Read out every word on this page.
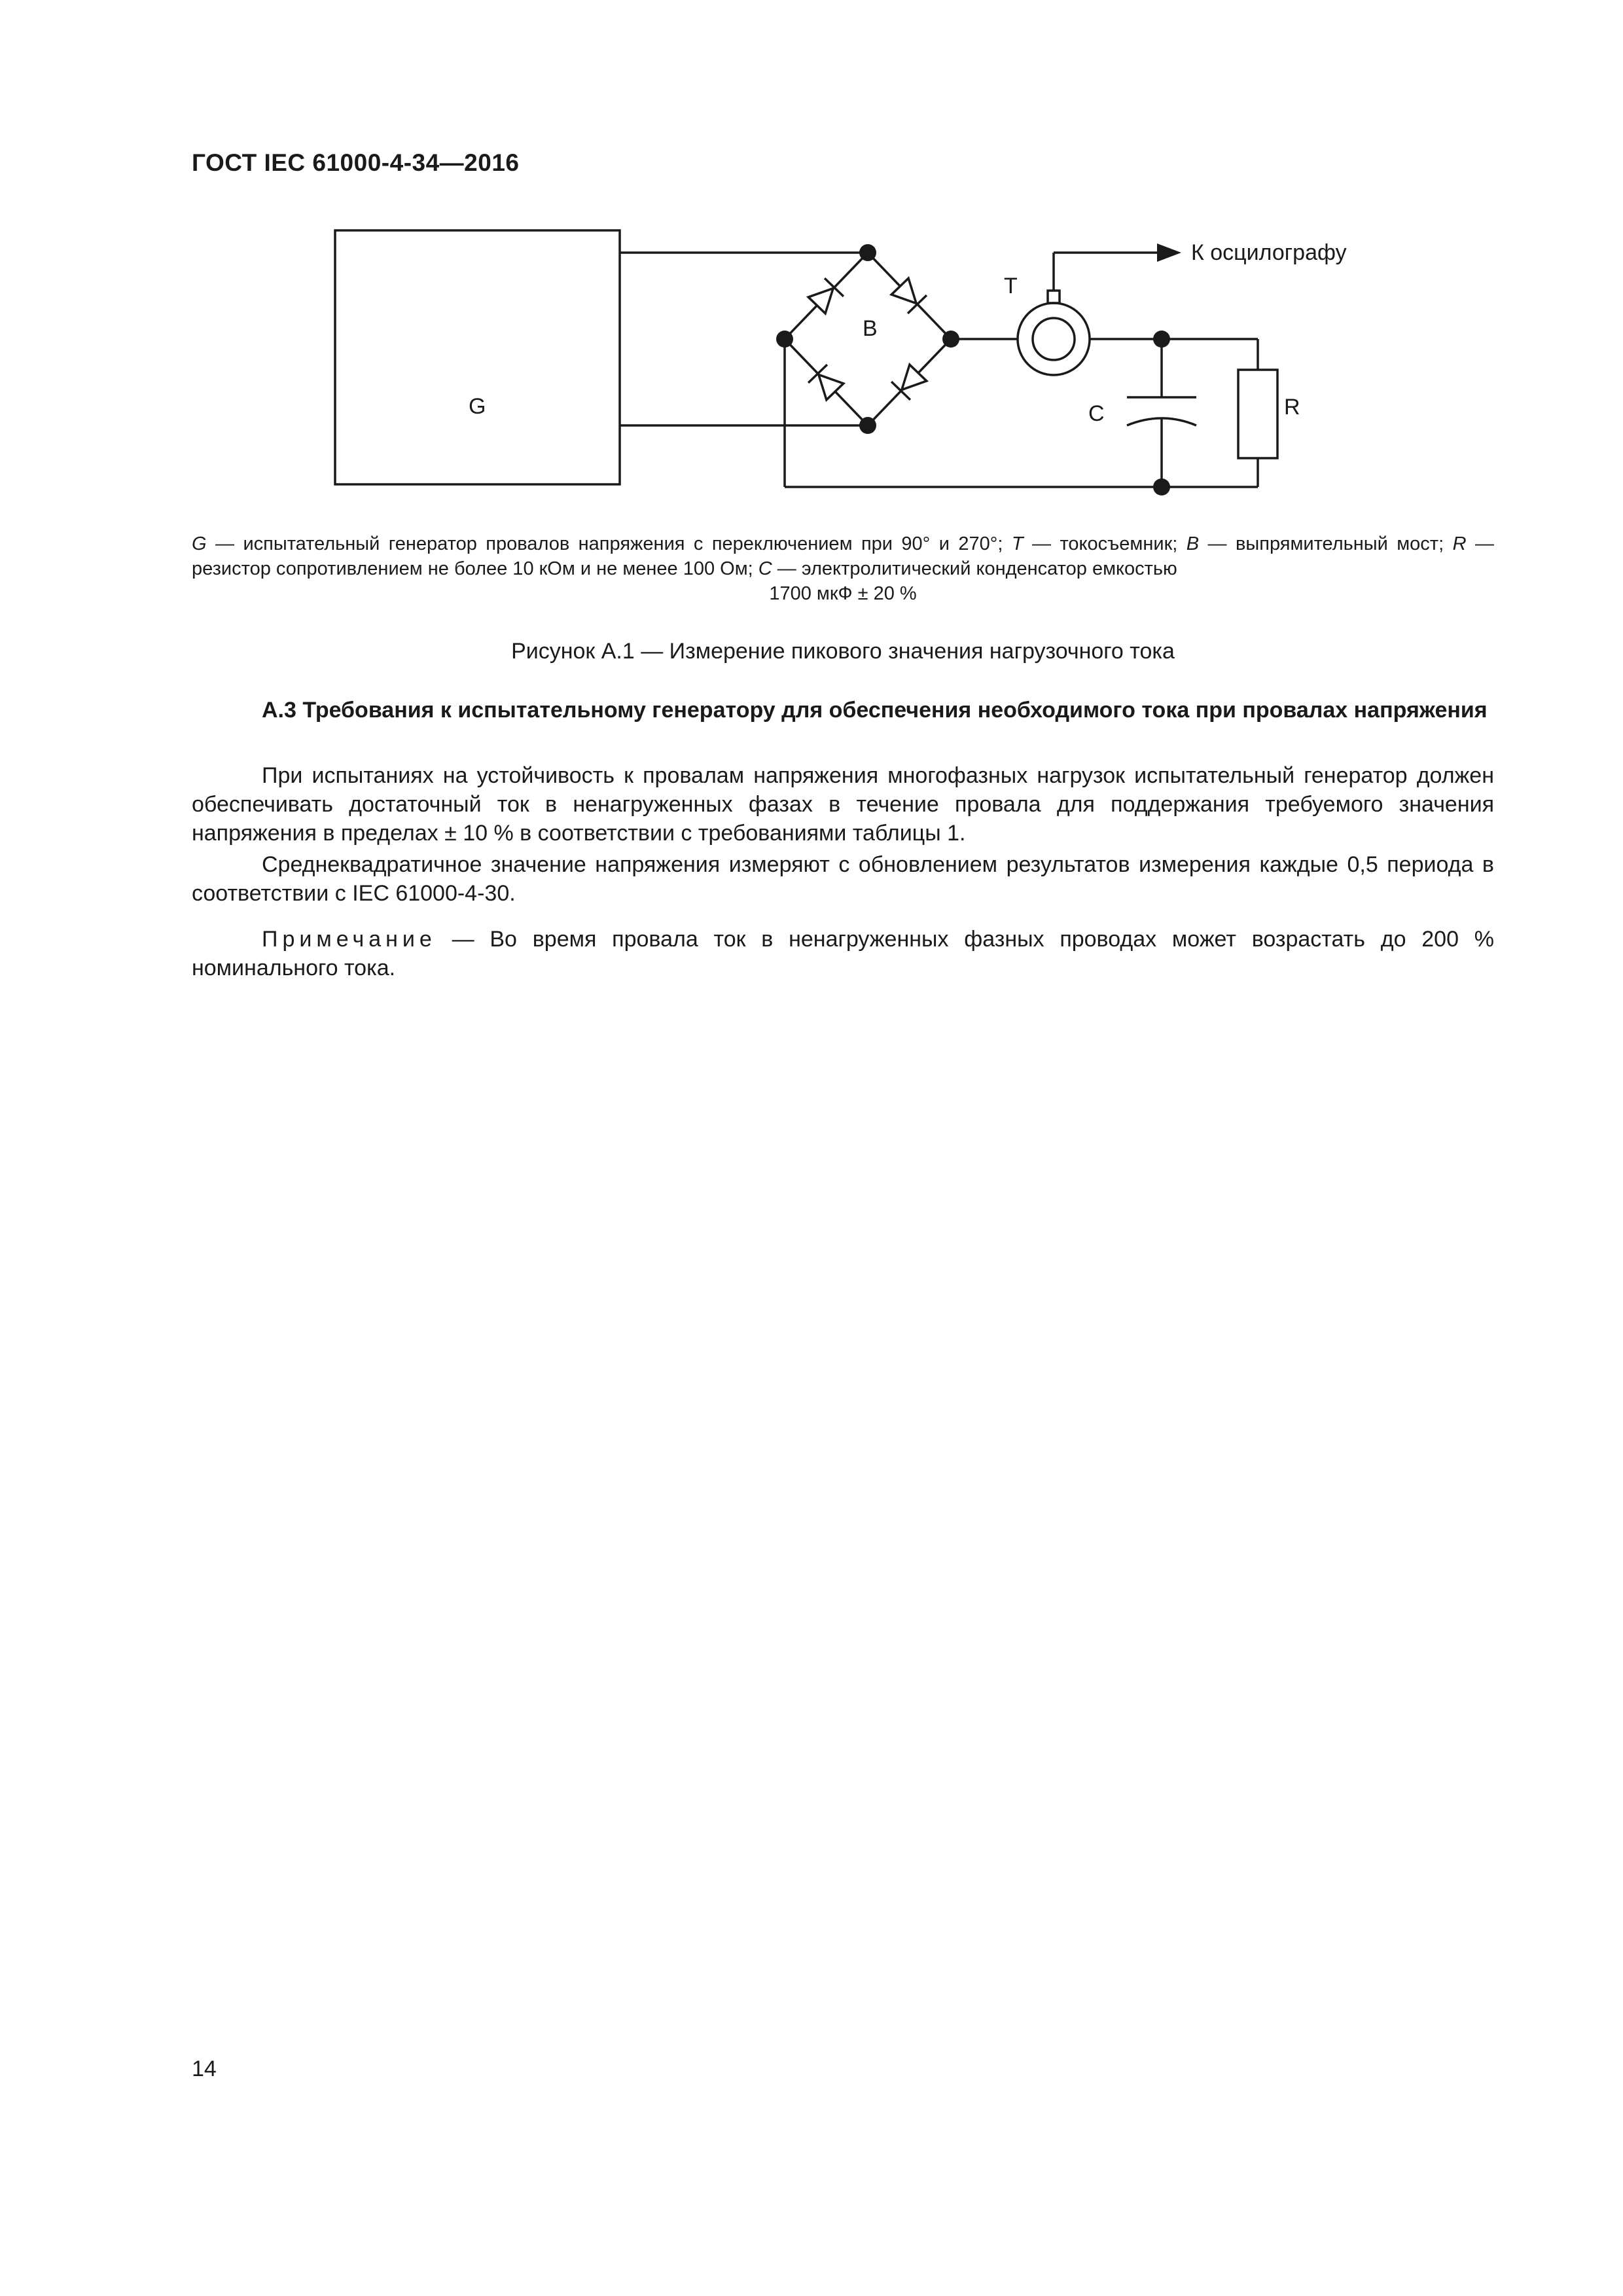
ГОСТ IEC 61000-4-34—2016
G
B
T
К осцилографу
C	R
G — испытательный генератор провалов напряжения с переключением при 90° и 270°; T — токосъемник; B — выпрямительный мост; R — резистор сопротивлением не более 10 кОм и не менее 100 Ом; C — электролитический конденсатор емкостью
1700 мкФ ± 20 %
Рисунок А.1 — Измерение пикового значения нагрузочного тока
А.3 Требования к испытательному генератору для обеспечения необходимого тока при провалах напряжения

При испытаниях на устойчивость к провалам напряжения многофазных нагрузок испытательный генератор должен обеспечивать достаточный ток в ненагруженных фазах в течение провала для поддержания требуемого значения напряжения в пределах ± 10 % в соответствии с требованиями таблицы 1.

Среднеквадратичное значение напряжения измеряют с обновлением результатов измерения каждые 0,5 периода в соответствии с IEC 61000-4-30.

Примечание — Во время провала ток в ненагруженных фазных проводах может возрастать до 200 % номинального тока.

14
